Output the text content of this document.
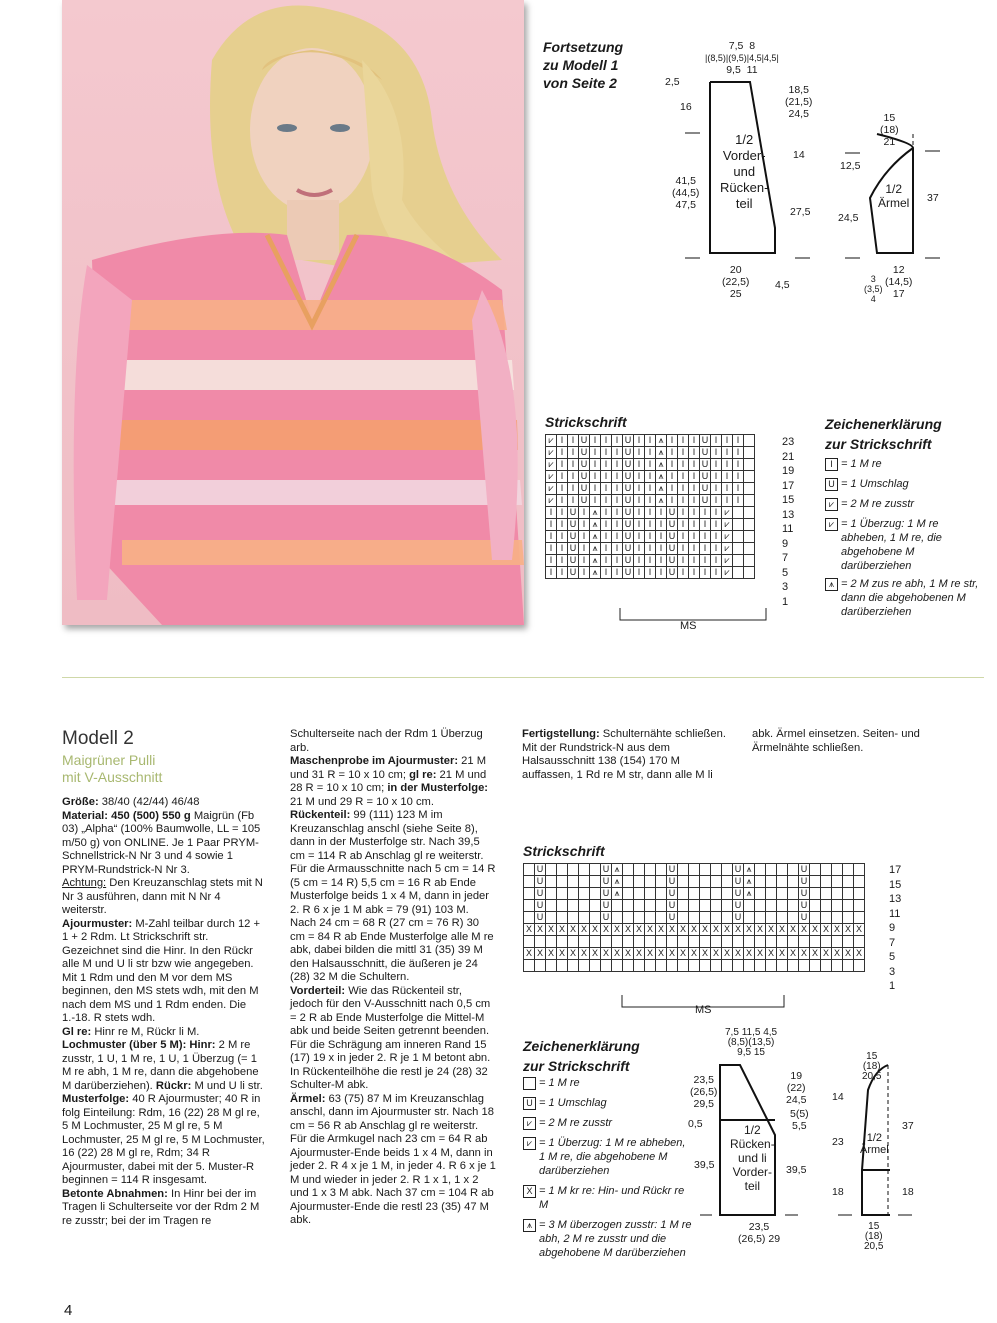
Fortsetzung
zu Modell 1
von Seite 2
7,5 8
|(8,5)|(9,5)|4,5|4,5|
9,5 11
2,5
16
41,5
(44,5)
47,5
18,5
(21,5)
24,5
14
27,5
1/2
Vorder-
und
Rücken-
teil
20
(22,5)
25
4,5
15
(18)
21
12,5
24,5
37
1/2
Ärmel
12
(14,5)
17
3
(3,5)
4
Strickschrift
⩗	I	I	U	I	I	I	U	I	I	⩚	I	I	I	U	I	I	I	
⩗	I	I	U	I	I	I	U	I	I	⩚	I	I	I	U	I	I	I	
⩗	I	I	U	I	I	I	U	I	I	⩚	I	I	I	U	I	I	I	
⩗	I	I	U	I	I	I	U	I	I	⩚	I	I	I	U	I	I	I	
⩗	I	I	U	I	I	I	U	I	I	⩚	I	I	I	U	I	I	I	
⩗	I	I	U	I	I	I	U	I	I	⩚	I	I	I	U	I	I	I	
I	I	U	I	⩚	I	I	U	I	I	I	U	I	I	I	I	⩗		
I	I	U	I	⩚	I	I	U	I	I	I	U	I	I	I	I	⩗		
I	I	U	I	⩚	I	I	U	I	I	I	U	I	I	I	I	⩗		
I	I	U	I	⩚	I	I	U	I	I	I	U	I	I	I	I	⩗		
I	I	U	I	⩚	I	I	U	I	I	I	U	I	I	I	I	⩗		
I	I	U	I	⩚	I	I	U	I	I	I	U	I	I	I	I	⩗		
23
21
19
17
15
13
11
9
7
5
3
1
MS
Zeichenerklärung
zur Strickschrift
I = 1 M re
U = 1 Umschlag
⩗ = 2 M re zusstr
⩗ = 1 Überzug: 1 M re abheben, 1 M re, die abgehobene M darüberziehen
⩚ = 2 M zus re abh, 1 M re str, dann die abgehobenen M darüberziehen
Modell 2
Maigrüner Pulli
mit V-Ausschnitt
Größe: 38/40 (42/44) 46/48
Material: 450 (500) 550 g Maigrün (Fb 03) „Alpha“ (100% Baumwolle, LL = 105 m/50 g) von ONLINE. Je 1 Paar PRYM-Schnellstrick-N Nr 3 und 4 sowie 1 PRYM-Rundstrick-N Nr 3.
Achtung: Den Kreuzanschlag stets mit N Nr 3 ausführen, dann mit N Nr 4 weiterstr.
Ajourmuster: M-Zahl teilbar durch 12 + 1 + 2 Rdm. Lt Strickschrift str. Gezeichnet sind die Hinr. In den Rückr alle M und U li str bzw wie angegeben. Mit 1 Rdm und den M vor dem MS beginnen, den MS stets wdh, mit den M nach dem MS und 1 Rdm enden. Die 1.-18. R stets wdh.
Gl re: Hinr re M, Rückr li M.
Lochmuster (über 5 M): Hinr: 2 M re zusstr, 1 U, 1 M re, 1 U, 1 Überzug (= 1 M re abh, 1 M re, dann die abgehobene M darüberziehen). Rückr: M und U li str.
Musterfolge: 40 R Ajourmuster; 40 R in folg Einteilung: Rdm, 16 (22) 28 M gl re, 5 M Lochmuster, 25 M gl re, 5 M Lochmuster, 25 M gl re, 5 M Lochmuster, 16 (22) 28 M gl re, Rdm; 34 R Ajourmuster, dabei mit der 5. Muster-R beginnen = 114 R insgesamt.
Betonte Abnahmen: In Hinr bei der im Tragen li Schulterseite vor der Rdm 2 M re zusstr; bei der im Tragen re
Schulterseite nach der Rdm 1 Überzug arb.
Maschenprobe im Ajourmuster: 21 M und 31 R = 10 x 10 cm; gl re: 21 M und 28 R = 10 x 10 cm; in der Musterfolge: 21 M und 29 R = 10 x 10 cm.
Rückenteil: 99 (111) 123 M im Kreuzanschlag anschl (siehe Seite 8), dann in der Musterfolge str. Nach 39,5 cm = 114 R ab Anschlag gl re weiterstr. Für die Armausschnitte nach 5 cm = 14 R (5 cm = 14 R) 5,5 cm = 16 R ab Ende Musterfolge beids 1 x 4 M, dann in jeder 2. R 6 x je 1 M abk = 79 (91) 103 M. Nach 24 cm = 68 R (27 cm = 76 R) 30 cm = 84 R ab Ende Musterfolge alle M re abk, dabei bilden die mittl 31 (35) 39 M den Halsausschnitt, die äußeren je 24 (28) 32 M die Schultern.
Vorderteil: Wie das Rückenteil str, jedoch für den V-Ausschnitt nach 0,5 cm = 2 R ab Ende Musterfolge die Mittel-M abk und beide Seiten getrennt beenden. Für die Schrägung am inneren Rand 15 (17) 19 x in jeder 2. R je 1 M betont abn. In Rückenteilhöhe die restl je 24 (28) 32 Schulter-M abk.
Ärmel: 63 (75) 87 M im Kreuzanschlag anschl, dann im Ajourmuster str. Nach 18 cm = 56 R ab Anschlag gl re weiterstr. Für die Armkugel nach 23 cm = 64 R ab Ajourmuster-Ende beids 1 x 4 M, dann in jeder 2. R 4 x je 1 M, in jeder 4. R 6 x je 1 M und wieder in jeder 2. R 1 x 1, 1 x 2 und 1 x 3 M abk. Nach 37 cm = 104 R ab Ajourmuster-Ende die restl 23 (35) 47 M abk.
Fertigstellung: Schulternähte schließen. Mit der Rundstrick-N aus dem Halsausschnitt 138 (154) 170 M auffassen, 1 Rd re M str, dann alle M li
abk. Ärmel einsetzen. Seiten- und Ärmelnähte schließen.
Strickschrift
	U						U	⩚					U						U	⩚					U					
	U						U	⩚					U						U	⩚					U					
	U						U	⩚					U						U	⩚					U					
	U						U						U						U						U					
	U						U						U						U						U					
X	X	X	X	X	X	X	X	X	X	X	X	X	X	X	X	X	X	X	X	X	X	X	X	X	X	X	X	X	X	X

X	X	X	X	X	X	X	X	X	X	X	X	X	X	X	X	X	X	X	X	X	X	X	X	X	X	X	X	X	X	X

17
15
13
11
9
7
5
3
1
MS
Zeichenerklärung
zur Strickschrift
= 1 M re
U = 1 Umschlag
⩗ = 2 M re zusstr
⩗ = 1 Überzug: 1 M re abheben, 1 M re, die abgehobene M darüberziehen
X = 1 M kr re: Hin- und Rückr re M
⩚ = 3 M überzogen zusstr: 1 M re abh, 2 M re zusstr und die abgehobene M darüberziehen
7,5 11,5 4,5
(8,5)(13,5)
9,5 15
23,5
(26,5)
29,5
0,5
39,5
19
(22)
24,5
5(5)
5,5
39,5
1/2
Rücken-
und li
Vorder-
teil
23,5
(26,5) 29
15
(18)
20,5
14
23
18
37
18
1/2
Ärmel
15
(18)
20,5
4
